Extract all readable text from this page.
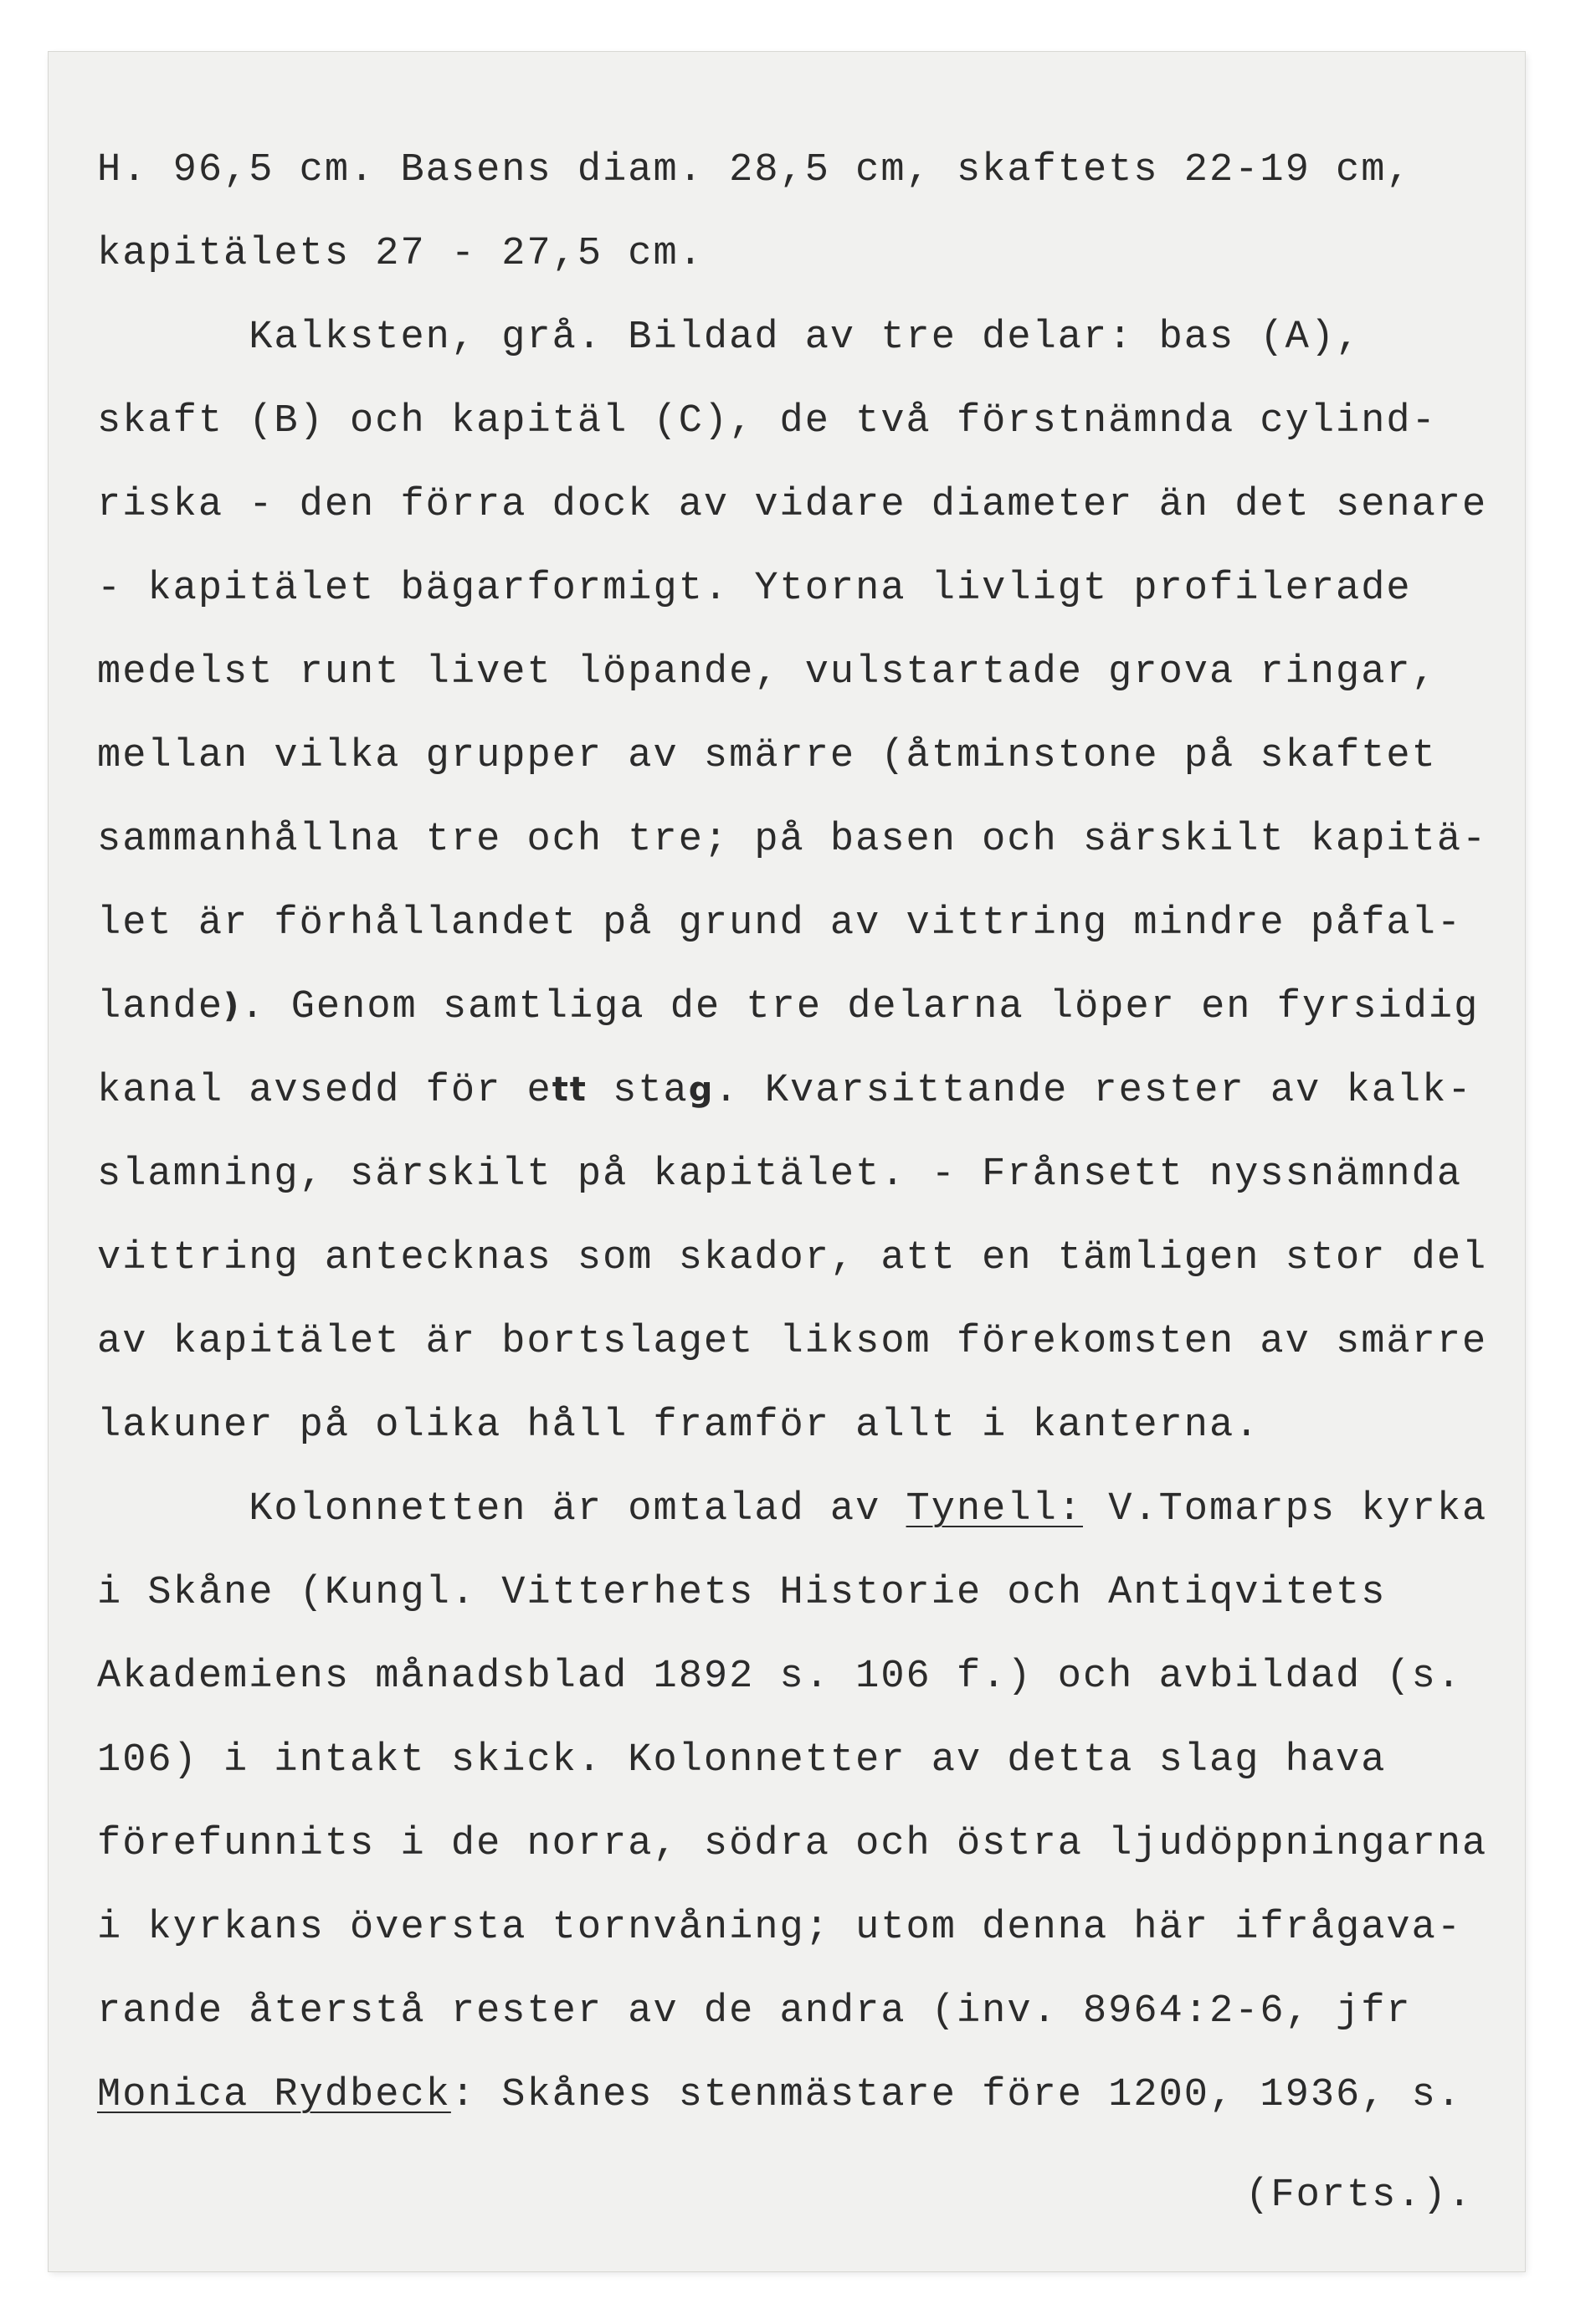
H. 96,5 cm. Basens diam. 28,5 cm, skaftets 22-19 cm,
kapitälets 27 - 27,5 cm.
Kalksten, grå. Bildad av tre delar: bas (A),
skaft (B) och kapitäl (C), de två förstnämnda cylind-
riska - den förra dock av vidare diameter än det senare
- kapitälet bägarformigt. Ytorna livligt profilerade
medelst runt livet löpande, vulstartade grova ringar,
mellan vilka grupper av smärre (åtminstone på skaftet
sammanhållna tre och tre; på basen och särskilt kapitä-
let är förhållandet på grund av vittring mindre påfal-
lande). Genom samtliga de tre delarna löper en fyrsidig
kanal avsedd för ett stag. Kvarsittande rester av kalk-
slamning, särskilt på kapitälet. - Frånsett nyssnämnda
vittring antecknas som skador, att en tämligen stor del
av kapitälet är bortslaget liksom förekomsten av smärre
lakuner på olika håll framför allt i kanterna.
Kolonnetten är omtalad av Tynell: V.Tomarps kyrka
i Skåne (Kungl. Vitterhets Historie och Antiqvitets
Akademiens månadsblad 1892 s. 106 f.) och avbildad (s.
106) i intakt skick. Kolonnetter av detta slag hava
förefunnits i de norra, södra och östra ljudöppningarna
i kyrkans översta tornvåning; utom denna här ifrågava-
rande återstå rester av de andra (inv. 8964:2-6, jfr
Monica Rydbeck: Skånes stenmästare före 1200, 1936, s.
(Forts.).
